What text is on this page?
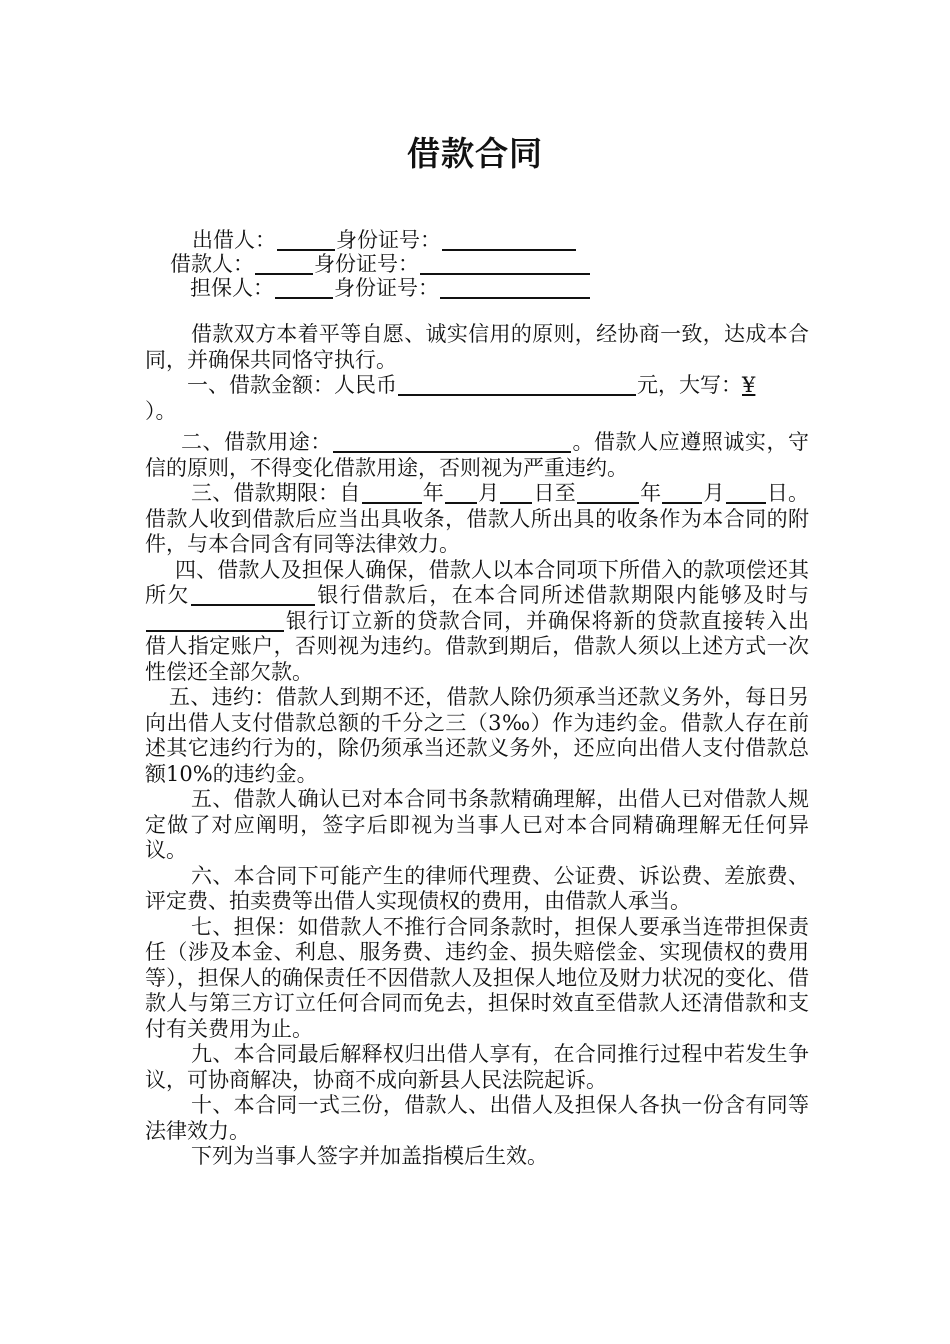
借款合同
出借人：	身份证号：
借款人：	身份证号：
担保人：	身份证号：

借款双方本着平等自愿、诚实信用的原则，经协商一致，达成本合同，并确保共同恪守执行。

一、借款金额：人民币	元，大写：¥
）。

二、借款用途：	。借款人应遵照诚实，守信的原则，不得变化借款用途，否则视为严重违约。

三、借款期限：自	年 月 日至	年 月 日。借款人收到借款后应当出具收条，借款人所出具的收条作为本合同的附件，与本合同含有同等法律效力。

四、借款人及担保人确保，借款人以本合同项下所借入的款项偿还其所欠	银行借款后，在本合同所述借款期限内能够及时与银行订立新的贷款合同，并确保将新的贷款直接转入出借人指定账户，否则视为违约。借款到期后，借款人须以上述方式一次性偿还全部欠款。

五、违约：借款人到期不还，借款人除仍须承当还款义务外，每日另向出借人支付借款总额的千分之三（3‰）作为违约金。借款人存在前述其它违约行为的，除仍须承当还款义务外，还应向出借人支付借款总额10%的违约金。

五、借款人确认已对本合同书条款精确理解，出借人已对借款人规定做了对应阐明，签字后即视为当事人已对本合同精确理解无任何异议。

六、本合同下可能产生的律师代理费、公证费、诉讼费、差旅费、评定费、拍卖费等出借人实现债权的费用，由借款人承当。

七、担保：如借款人不推行合同条款时，担保人要承当连带担保责任（涉及本金、利息、服务费、违约金、损失赔偿金、实现债权的费用等），担保人的确保责任不因借款人及担保人地位及财力状况的变化、借款人与第三方订立任何合同而免去，担保时效直至借款人还清借款和支付有关费用为止。

九、本合同最后解释权归出借人享有，在合同推行过程中若发生争议，可协商解决，协商不成向新县人民法院起诉。

十、本合同一式三份，借款人、出借人及担保人各执一份含有同等法律效力。

下列为当事人签字并加盖指模后生效。
